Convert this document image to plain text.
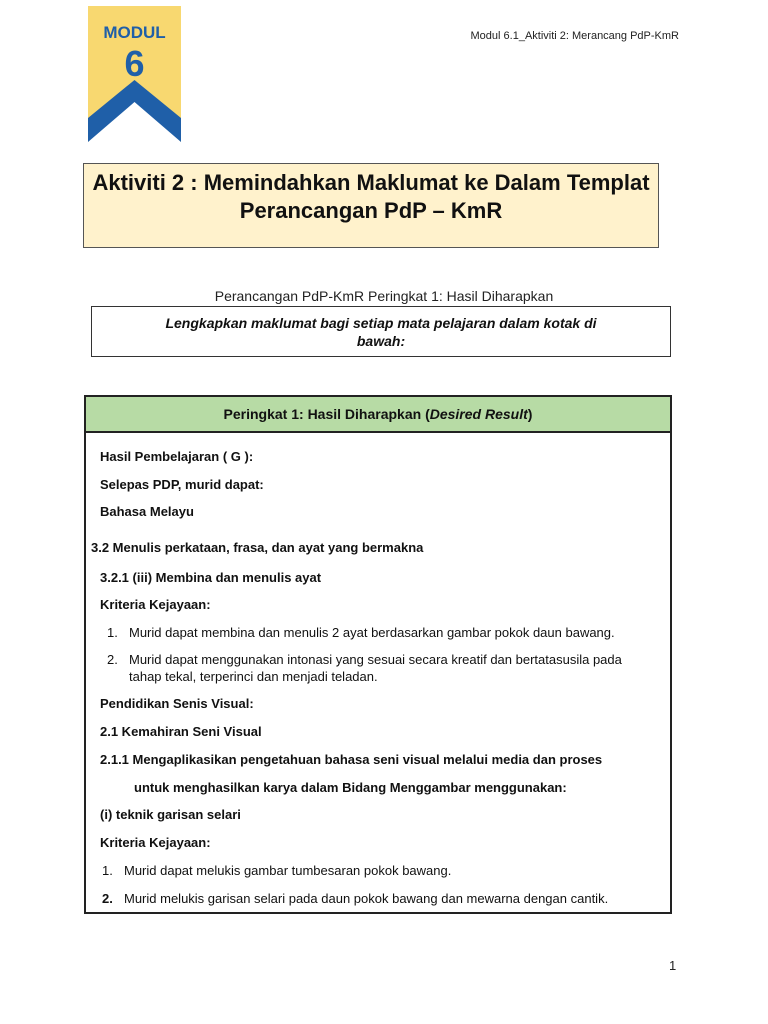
MODUL
6
Modul 6.1_Aktiviti 2: Merancang PdP-KmR
Aktiviti 2 : Memindahkan Maklumat ke Dalam Templat
Perancangan PdP – KmR
Perancangan PdP-KmR Peringkat 1: Hasil Diharapkan
Lengkapkan maklumat bagi setiap mata pelajaran dalam kotak di
bawah:
Peringkat 1: Hasil Diharapkan (Desired Result)
Hasil Pembelajaran ( G ):
Selepas PDP, murid dapat:
Bahasa Melayu
3.2 Menulis perkataan, frasa, dan ayat yang bermakna
3.2.1 (iii) Membina dan menulis ayat
Kriteria Kejayaan:
1. Murid dapat membina dan menulis 2 ayat berdasarkan gambar pokok daun bawang.
2. Murid dapat menggunakan intonasi yang sesuai secara kreatif dan bertatasusila pada
tahap tekal, terperinci dan menjadi teladan.
Pendidikan Senis Visual:
2.1 Kemahiran Seni Visual
2.1.1 Mengaplikasikan pengetahuan bahasa seni visual melalui media dan proses
untuk menghasilkan karya dalam Bidang Menggambar menggunakan:
(i) teknik garisan selari
Kriteria Kejayaan:
1. Murid dapat melukis gambar tumbesaran pokok bawang.
2. Murid melukis garisan selari pada daun pokok bawang dan mewarna dengan cantik.
1
